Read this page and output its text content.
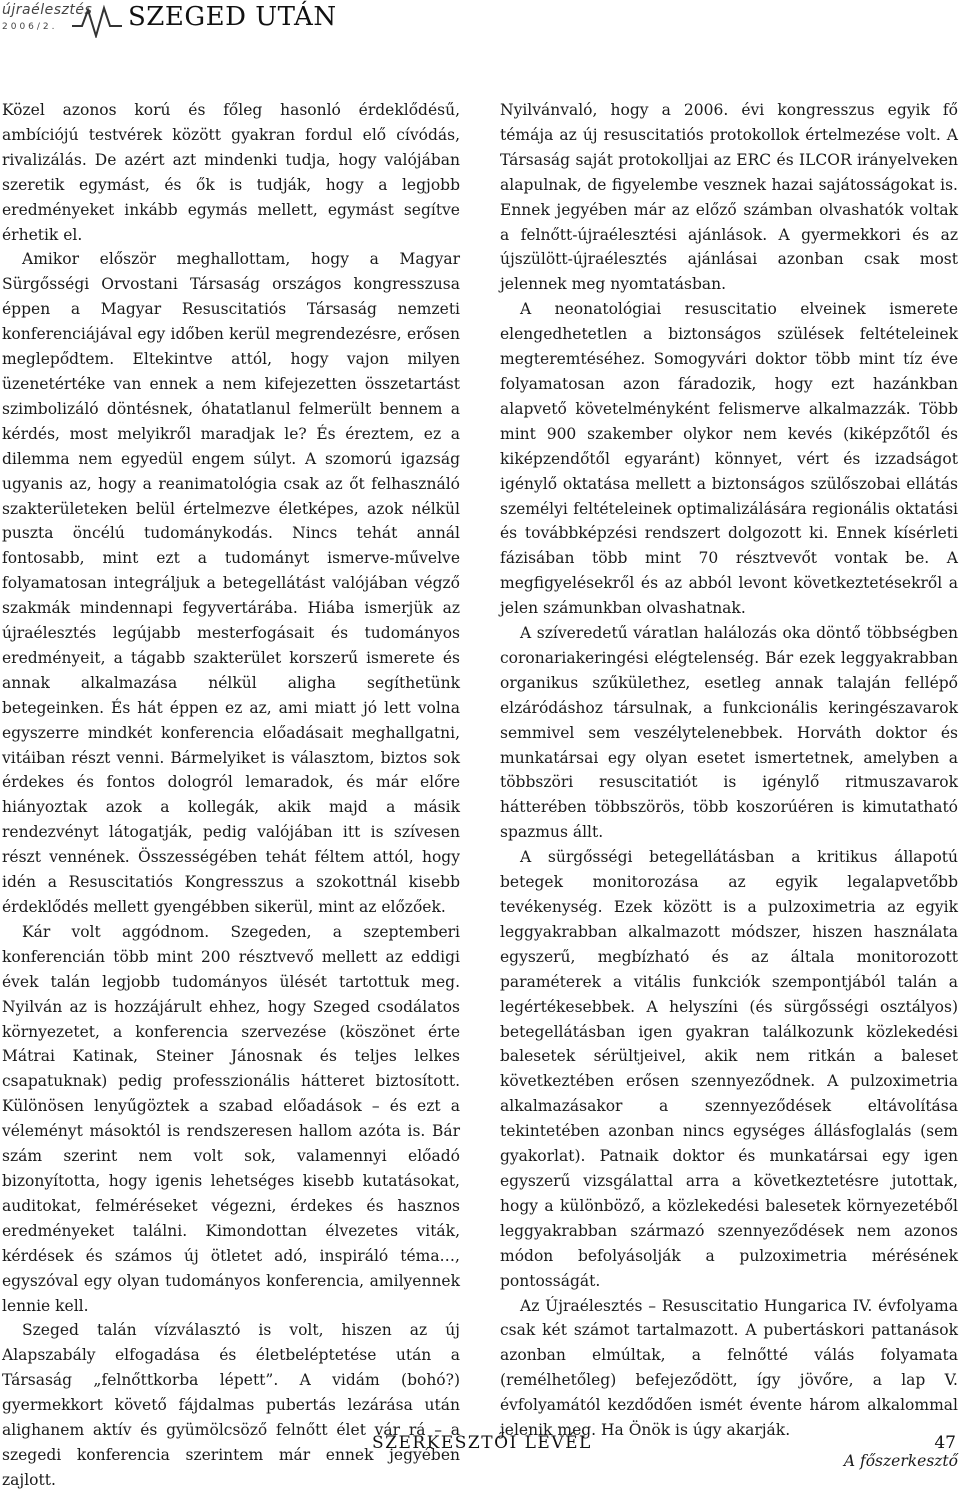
újraélesztés
2006/2.	SZEGED UTÁN

Közel azonos korú és főleg hasonló érdeklődésű, ambíciójú testvérek között gyakran fordul elő cívódás, rivalizálás. De azért azt mindenki tudja, hogy valójában szeretik egymást, és ők is tudják, hogy a legjobb eredményeket inkább egymás mellett, egymást segítve érhetik el.

Amikor először meghallottam, hogy a Magyar Sürgősségi Orvostani Társaság országos kongresszusa éppen a Magyar Resuscitatiós Társaság nemzeti konferenciájával egy időben kerül megrendezésre, erősen meglepődtem. Eltekintve attól, hogy vajon milyen üzenetértéke van ennek a nem kifejezetten összetartást szimbolizáló döntésnek, óhatatlanul felmerült bennem a kérdés, most melyikről maradjak le? És éreztem, ez a dilemma nem egyedül engem súlyt. A szomorú igazság ugyanis az, hogy a reanimatológia csak az őt felhasználó szakterületeken belül értelmezve életképes, azok nélkül puszta öncélú tudománykodás. Nincs tehát annál fontosabb, mint ezt a tudományt ismerve-művelve folyamatosan integráljuk a betegellátást valójában végző szakmák mindennapi fegyvertárába. Hiába ismerjük az újraélesztés legújabb mesterfogásait és tudományos eredményeit, a tágabb szakterület korszerű ismerete és annak alkalmazása nélkül aligha segíthetünk betegeinken. És hát éppen ez az, ami miatt jó lett volna egyszerre mindkét konferencia előadásait meghallgatni, vitáiban részt venni. Bármelyiket is választom, biztos sok érdekes és fontos dologról lemaradok, és már előre hiányoztak azok a kollegák, akik majd a másik rendezvényt látogatják, pedig valójában itt is szívesen részt vennének. Összességében tehát féltem attól, hogy idén a Resuscitatiós Kongresszus a szokottnál kisebb érdeklődés mellett gyengébben sikerül, mint az előzőek.

Kár volt aggódnom. Szegeden, a szeptemberi konferencián több mint 200 résztvevő mellett az eddigi évek talán legjobb tudományos ülését tartottuk meg. Nyilván az is hozzájárult ehhez, hogy Szeged csodálatos környezetet, a konferencia szervezése (köszönet érte Mátrai Katinak, Steiner Jánosnak és teljes lelkes csapatuknak) pedig professzionális hátteret biztosított. Különösen lenyűgöztek a szabad előadások – és ezt a véleményt másoktól is rendszeresen hallom azóta is. Bár szám szerint nem volt sok, valamennyi előadó bizonyította, hogy igenis lehetséges kisebb kutatásokat, auditokat, felméréseket végezni, érdekes és hasznos eredményeket találni. Kimondottan élvezetes viták, kérdések és számos új ötletet adó, inspiráló téma…, egyszóval egy olyan tudományos konferencia, amilyennek lennie kell.

Szeged talán vízválasztó is volt, hiszen az új Alapszabály elfogadása és életbeléptetése után a Társaság „felnőttkorba lépett”. A vidám (bohó?) gyermekkort követő fájdalmas pubertás lezárása után alighanem aktív és gyümölcsöző felnőtt élet vár rá – a szegedi konferencia szerintem már ennek jegyében zajlott.

Nyilvánvaló, hogy a 2006. évi kongresszus egyik fő témája az új resuscitatiós protokollok értelmezése volt. A Társaság saját protokolljai az ERC és ILCOR irányelveken alapulnak, de figyelembe vesznek hazai sajátosságokat is. Ennek jegyében már az előző számban olvashatók voltak a felnőtt-újraélesztési ajánlások. A gyermekkori és az újszülött-újraélesztés ajánlásai azonban csak most jelennek meg nyomtatásban.

A neonatológiai resuscitatio elveinek ismerete elengedhetetlen a biztonságos szülések feltételeinek megteremtéséhez. Somogyvári doktor több mint tíz éve folyamatosan azon fáradozik, hogy ezt hazánkban alapvető követelményként felismerve alkalmazzák. Több mint 900 szakember olykor nem kevés (kiképzőtől és kiképzendőtől egyaránt) könnyet, vért és izzadságot igénylő oktatása mellett a biztonságos szülőszobai ellátás személyi feltételeinek optimalizálására regionális oktatási és továbbképzési rendszert dolgozott ki. Ennek kísérleti fázisában több mint 70 résztvevőt vontak be. A megfigyelésekről és az abból levont következtetésekről a jelen számunkban olvashatnak.

A szíveredetű váratlan halálozás oka döntő többségben coronariakeringési elégtelenség. Bár ezek leggyakrabban organikus szűkülethez, esetleg annak talaján fellépő elzáródáshoz társulnak, a funkcionális keringészavarok semmivel sem veszélytelenebbek. Horváth doktor és munkatársai egy olyan esetet ismertetnek, amelyben a többszöri resuscitatiót is igénylő ritmuszavarok hátterében többszörös, több koszorúéren is kimutatható spazmus állt.

A sürgősségi betegellátásban a kritikus állapotú betegek monitorozása az egyik legalapvetőbb tevékenység. Ezek között is a pulzoximetria az egyik leggyakrabban alkalmazott módszer, hiszen használata egyszerű, megbízható és az általa monitorozott paraméterek a vitális funkciók szempontjából talán a legértékesebbek. A helyszíni (és sürgősségi osztályos) betegellátásban igen gyakran találkozunk közlekedési balesetek sérültjeivel, akik nem ritkán a baleset következtében erősen szennyeződnek. A pulzoximetria alkalmazásakor a szennyeződések eltávolítása tekintetében azonban nincs egységes állásfoglalás (sem gyakorlat). Patnaik doktor és munkatársai egy igen egyszerű vizsgálattal arra a következtetésre jutottak, hogy a különböző, a közlekedési balesetek környezetéből leggyakrabban származó szennyeződések nem azonos módon befolyásolják a pulzoximetria mérésének pontosságát.

Az Újraélesztés – Resuscitatio Hungarica IV. évfolyama csak két számot tartalmazott. A pubertáskori pattanások azonban elmúltak, a felnőtté válás folyamata (remélhetőleg) befejeződött, így jövőre, a lap V. évfolyamától kezdődően ismét évente három alkalommal jelenik meg. Ha Önök is úgy akarják.

A főszerkesztő

SZERKESZTŐI LEVÉL	47
